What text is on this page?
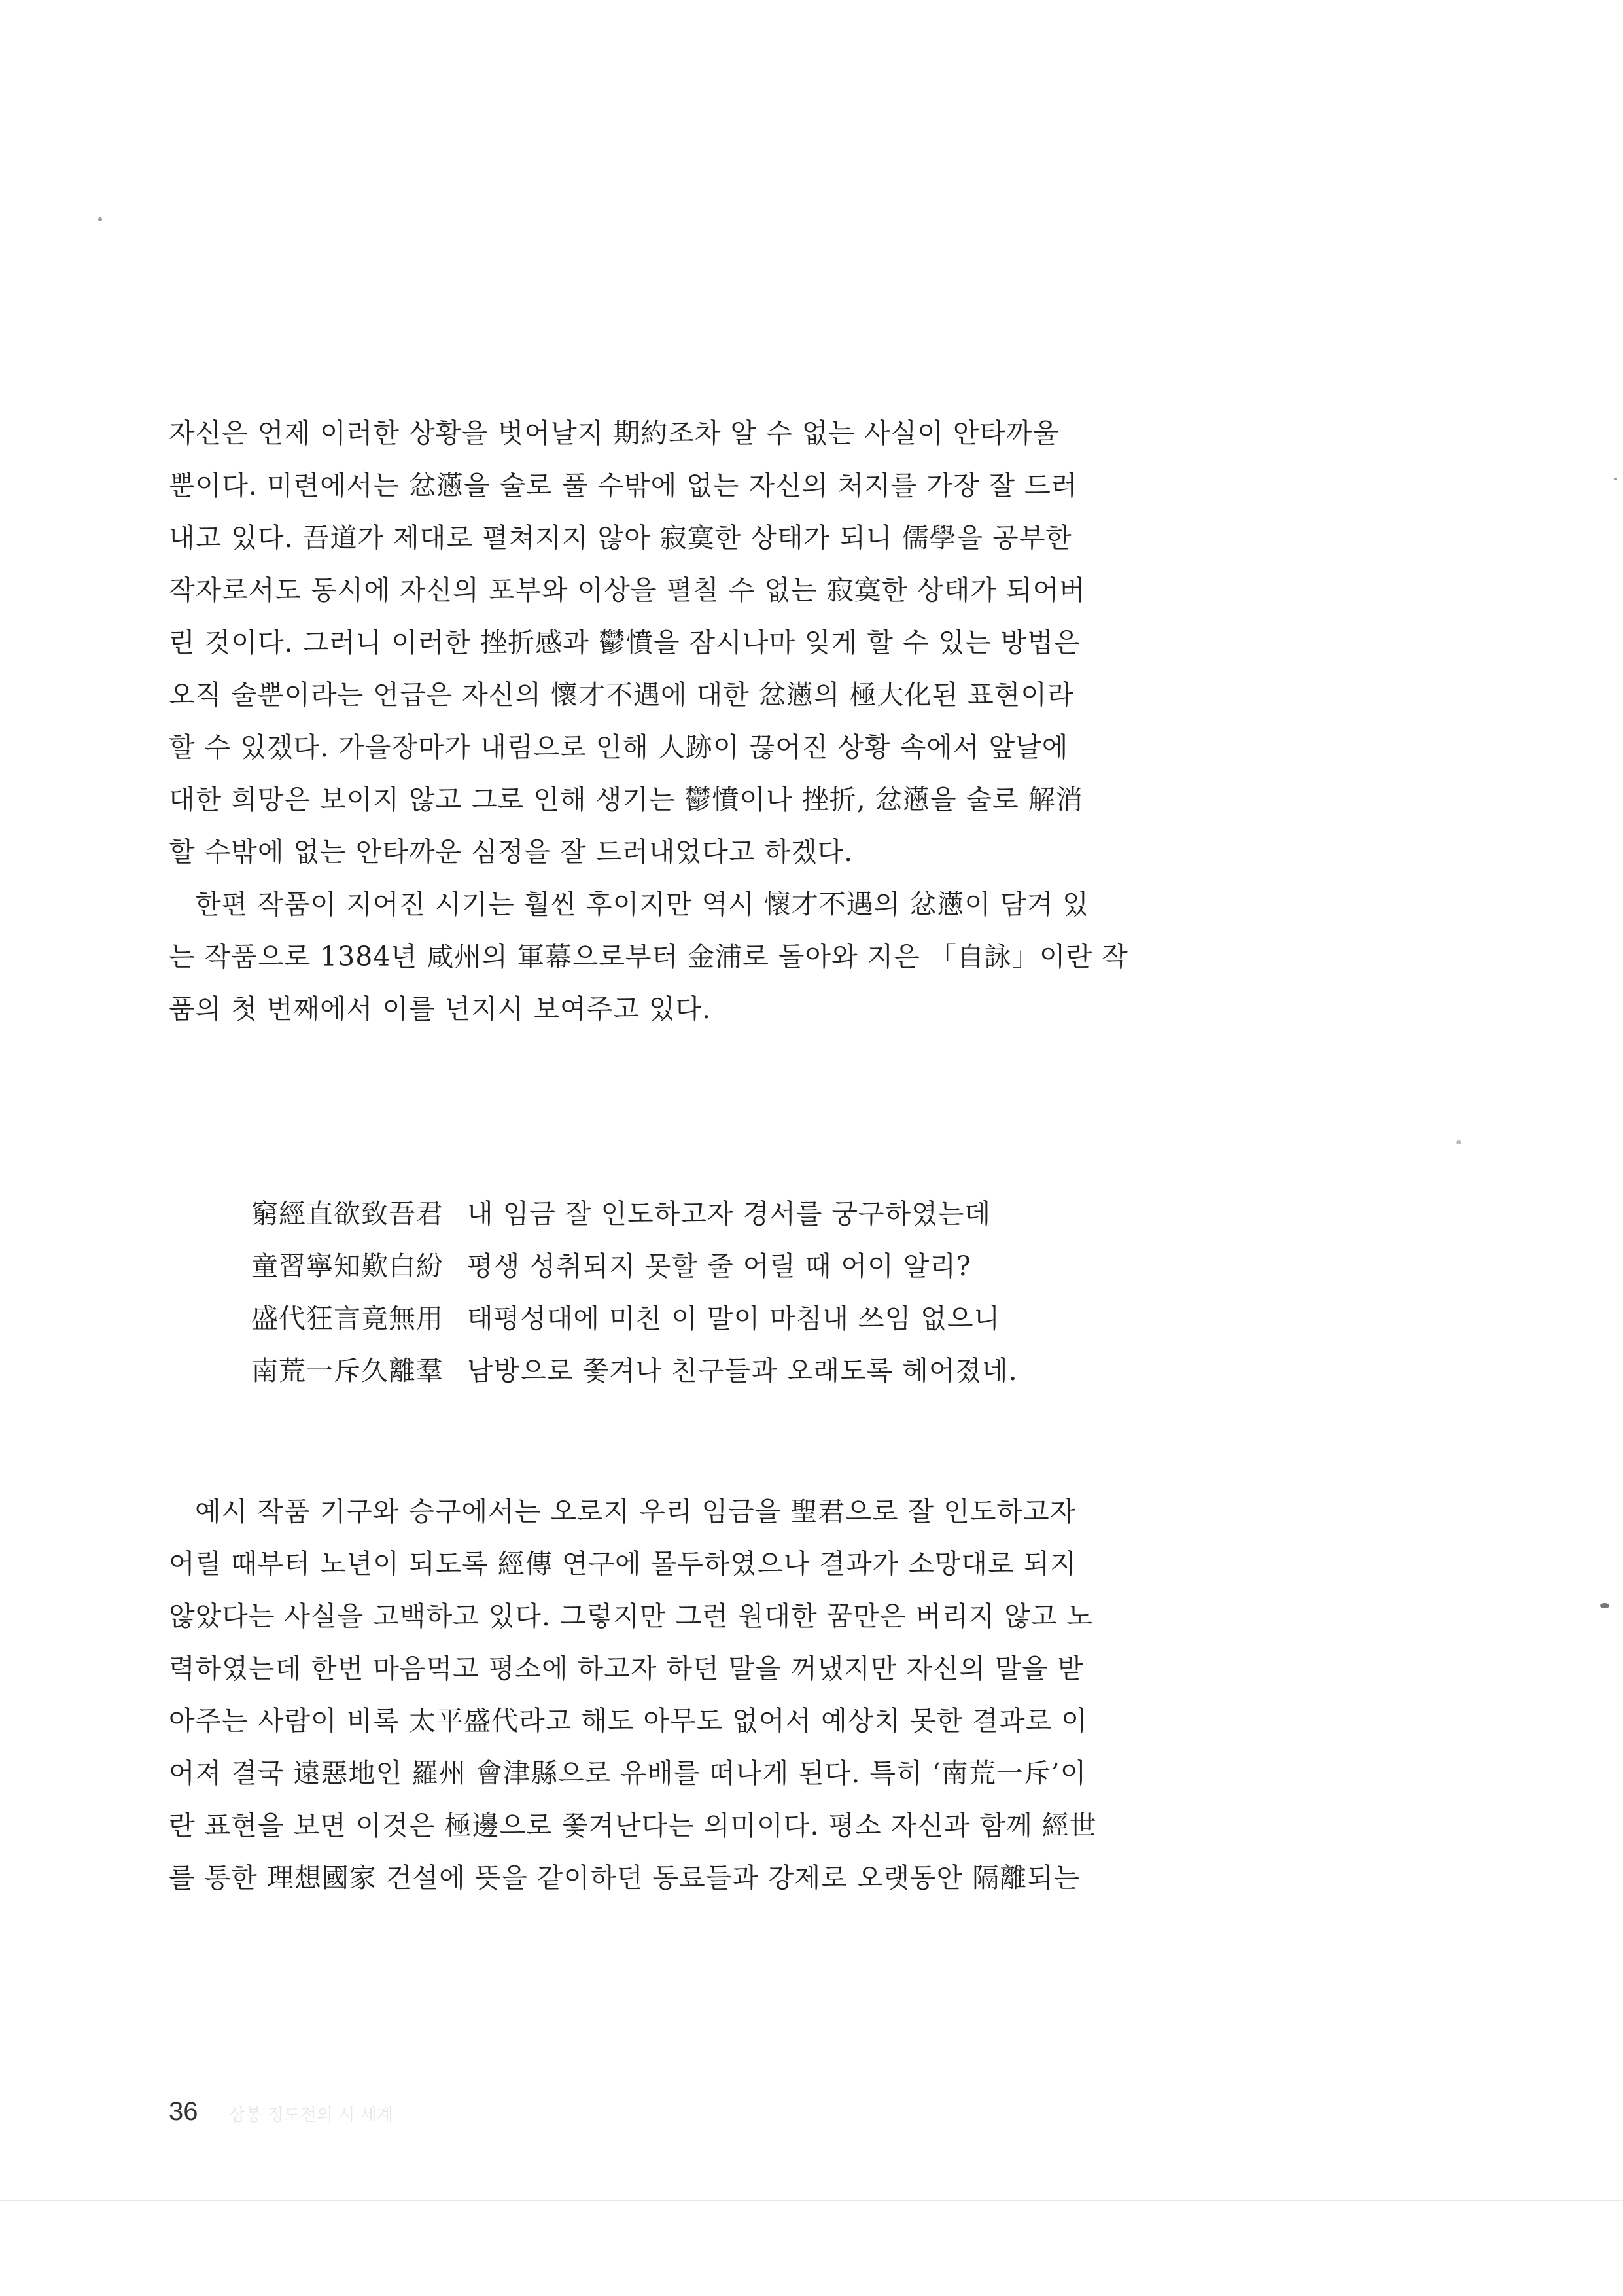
자신은 언제 이러한 상황을 벗어날지 期約조차 알 수 없는 사실이 안타까울
뿐이다. 미련에서는 忿懣을 술로 풀 수밖에 없는 자신의 처지를 가장 잘 드러
내고 있다. 吾道가 제대로 펼쳐지지 않아 寂寞한 상태가 되니 儒學을 공부한
작자로서도 동시에 자신의 포부와 이상을 펼칠 수 없는 寂寞한 상태가 되어버
린 것이다. 그러니 이러한 挫折感과 鬱憤을 잠시나마 잊게 할 수 있는 방법은
오직 술뿐이라는 언급은 자신의 懷才不遇에 대한 忿懣의 極大化된 표현이라
할 수 있겠다. 가을장마가 내림으로 인해 人跡이 끊어진 상황 속에서 앞날에
대한 희망은 보이지 않고 그로 인해 생기는 鬱憤이나 挫折, 忿懣을 술로 解消
할 수밖에 없는 안타까운 심정을 잘 드러내었다고 하겠다.
한편 작품이 지어진 시기는 훨씬 후이지만 역시 懷才不遇의 忿懣이 담겨 있
는 작품으로 1384년 咸州의 軍幕으로부터 金浦로 돌아와 지은 「自詠」이란 작
품의 첫 번째에서 이를 넌지시 보여주고 있다.
窮經直欲致吾君 내 임금 잘 인도하고자 경서를 궁구하였는데
童習寧知歎白紛 평생 성취되지 못할 줄 어릴 때 어이 알리?
盛代狂言竟無用 태평성대에 미친 이 말이 마침내 쓰임 없으니
南荒一斥久離羣 남방으로 쫓겨나 친구들과 오래도록 헤어졌네.
예시 작품 기구와 승구에서는 오로지 우리 임금을 聖君으로 잘 인도하고자
어릴 때부터 노년이 되도록 經傳 연구에 몰두하였으나 결과가 소망대로 되지
않았다는 사실을 고백하고 있다. 그렇지만 그런 원대한 꿈만은 버리지 않고 노
력하였는데 한번 마음먹고 평소에 하고자 하던 말을 꺼냈지만 자신의 말을 받
아주는 사람이 비록 太平盛代라고 해도 아무도 없어서 예상치 못한 결과로 이
어져 결국 遠惡地인 羅州 會津縣으로 유배를 떠나게 된다. 특히 ‘南荒一斥’이
란 표현을 보면 이것은 極邊으로 쫓겨난다는 의미이다. 평소 자신과 함께 經世
를 통한 理想國家 건설에 뜻을 같이하던 동료들과 강제로 오랫동안 隔離되는
36 삼봉 정도전의 시 세계
